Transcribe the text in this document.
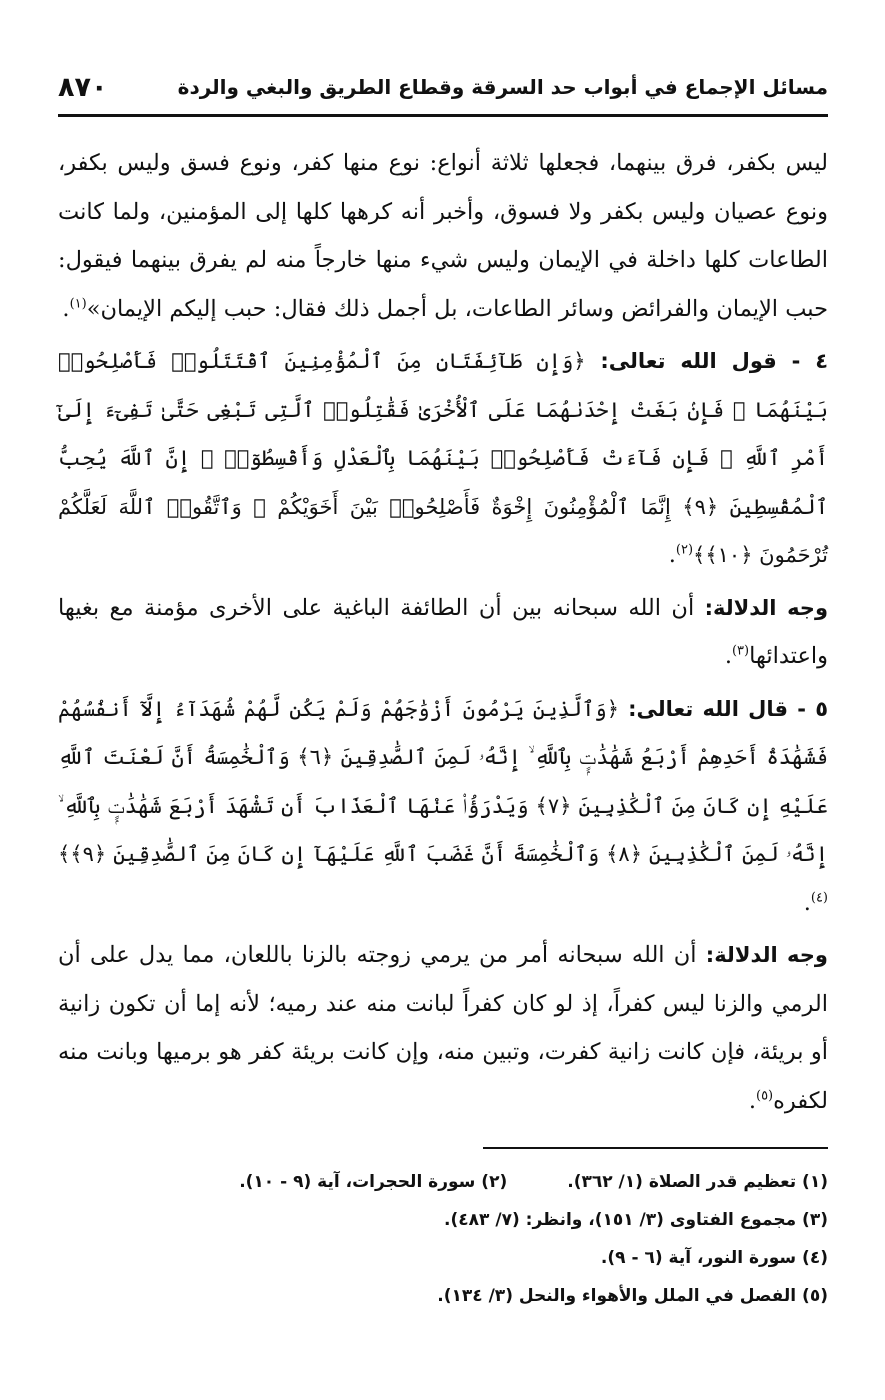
مسائل الإجماع في أبواب حد السرقة وقطاع الطريق والبغي والردة
٨٧٠

ليس بكفر، فرق بينهما، فجعلها ثلاثة أنواع: نوع منها كفر، ونوع فسق وليس بكفر، ونوع عصيان وليس بكفر ولا فسوق، وأخبر أنه كرهها كلها إلى المؤمنين، ولما كانت الطاعات كلها داخلة في الإيمان وليس شيء منها خارجاً منه لم يفرق بينهما فيقول: حبب الإيمان والفرائض وسائر الطاعات، بل أجمل ذلك فقال: حبب إليكم الإيمان»$^{(١)}$.

٤ - قول الله تعالى: ﴿وَإِن طَآئِفَتَانِ مِنَ ٱلْمُؤْمِنِينَ ٱقْتَتَلُوا۟ فَأَصْلِحُوا۟ بَيْنَهُمَا ۖ فَإِنۢ بَغَتْ إِحْدَىٰهُمَا عَلَى ٱلْأُخْرَىٰ فَقَٰتِلُوا۟ ٱلَّتِى تَبْغِى حَتَّىٰ تَفِىٓءَ إِلَىٰٓ أَمْرِ ٱللَّهِ ۚ فَإِن فَآءَتْ فَأَصْلِحُوا۟ بَيْنَهُمَا بِٱلْعَدْلِ وَأَقْسِطُوٓا۟ ۖ إِنَّ ٱللَّهَ يُحِبُّ ٱلْمُقْسِطِينَ ﴿٩﴾ إِنَّمَا ٱلْمُؤْمِنُونَ إِخْوَةٌ فَأَصْلِحُوا۟ بَيْنَ أَخَوَيْكُمْ ۚ وَٱتَّقُوا۟ ٱللَّهَ لَعَلَّكُمْ تُرْحَمُونَ ﴿١٠﴾﴾$^{(٢)}$.

وجه الدلالة: أن الله سبحانه بين أن الطائفة الباغية على الأخرى مؤمنة مع بغيها واعتدائها$^{(٣)}$.

٥ - قال الله تعالى: ﴿وَٱلَّذِينَ يَرْمُونَ أَزْوَٰجَهُمْ وَلَمْ يَكُن لَّهُمْ شُهَدَآءُ إِلَّآ أَنفُسُهُمْ فَشَهَٰدَةُ أَحَدِهِمْ أَرْبَعُ شَهَٰدَٰتٍۭ بِٱللَّهِ ۙ إِنَّهُۥ لَمِنَ ٱلصَّٰدِقِينَ ﴿٦﴾ وَٱلْخَٰمِسَةُ أَنَّ لَعْنَتَ ٱللَّهِ عَلَيْهِ إِن كَانَ مِنَ ٱلْكَٰذِبِينَ ﴿٧﴾ وَيَدْرَؤُا۟ عَنْهَا ٱلْعَذَابَ أَن تَشْهَدَ أَرْبَعَ شَهَٰدَٰتٍۭ بِٱللَّهِ ۙ إِنَّهُۥ لَمِنَ ٱلْكَٰذِبِينَ ﴿٨﴾ وَٱلْخَٰمِسَةَ أَنَّ غَضَبَ ٱللَّهِ عَلَيْهَآ إِن كَانَ مِنَ ٱلصَّٰدِقِينَ ﴿٩﴾﴾$^{(٤)}$.

وجه الدلالة: أن الله سبحانه أمر من يرمي زوجته بالزنا باللعان، مما يدل على أن الرمي والزنا ليس كفراً، إذ لو كان كفراً لبانت منه عند رميه؛ لأنه إما أن تكون زانية أو بريئة، فإن كانت زانية كفرت، وتبين منه، وإن كانت بريئة كفر هو برميها وبانت منه لكفره$^{(٥)}$.

(١) تعظيم قدر الصلاة (١/ ٣٦٢).
(٢) سورة الحجرات، آية (٩ - ١٠).
(٣) مجموع الفتاوى (٣/ ١٥١)، وانظر: (٧/ ٤٨٣).
(٤) سورة النور، آية (٦ - ٩).
(٥) الفصل في الملل والأهواء والنحل (٣/ ١٣٤).
